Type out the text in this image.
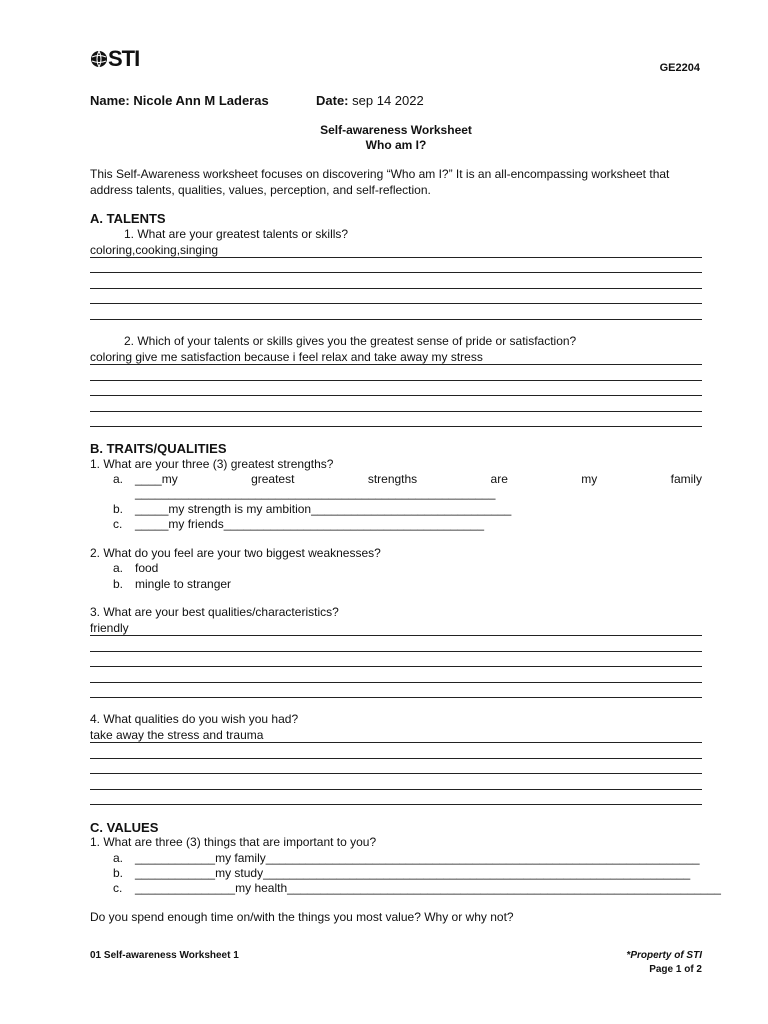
STI	GE2204
Name: Nicole Ann M Laderas	Date: sep 14 2022
Self-awareness Worksheet
Who am I?
This Self-Awareness worksheet focuses on discovering “Who am I?” It is an all-encompassing worksheet that address talents, qualities, values, perception, and self-reflection.
A. TALENTS
1. What are your greatest talents or skills?
coloring,cooking,singing
2. Which of your talents or skills gives you the greatest sense of pride or satisfaction?
coloring give me satisfaction because i feel relax and take away my stress
B. TRAITS/QUALITIES
1. What are your three (3) greatest strengths?
a. ____my	greatest	strengths	are	my	family
______________________________________________________
b. _____my strength is my ambition______________________________
c. _____my friends_______________________________________
2. What do you feel are your two biggest weaknesses?
a. food
b. mingle to stranger
3. What are your best qualities/characteristics?
friendly
4. What qualities do you wish you had?
take away the stress and trauma
C. VALUES
1. What are three (3) things that are important to you?
a. ____________my family_________________________________________________________________
b. ____________my study________________________________________________________________
c. _______________my health_________________________________________________________________
Do you spend enough time on/with the things you most value? Why or why not?
01 Self-awareness Worksheet 1	*Property of STI
Page 1 of 2
